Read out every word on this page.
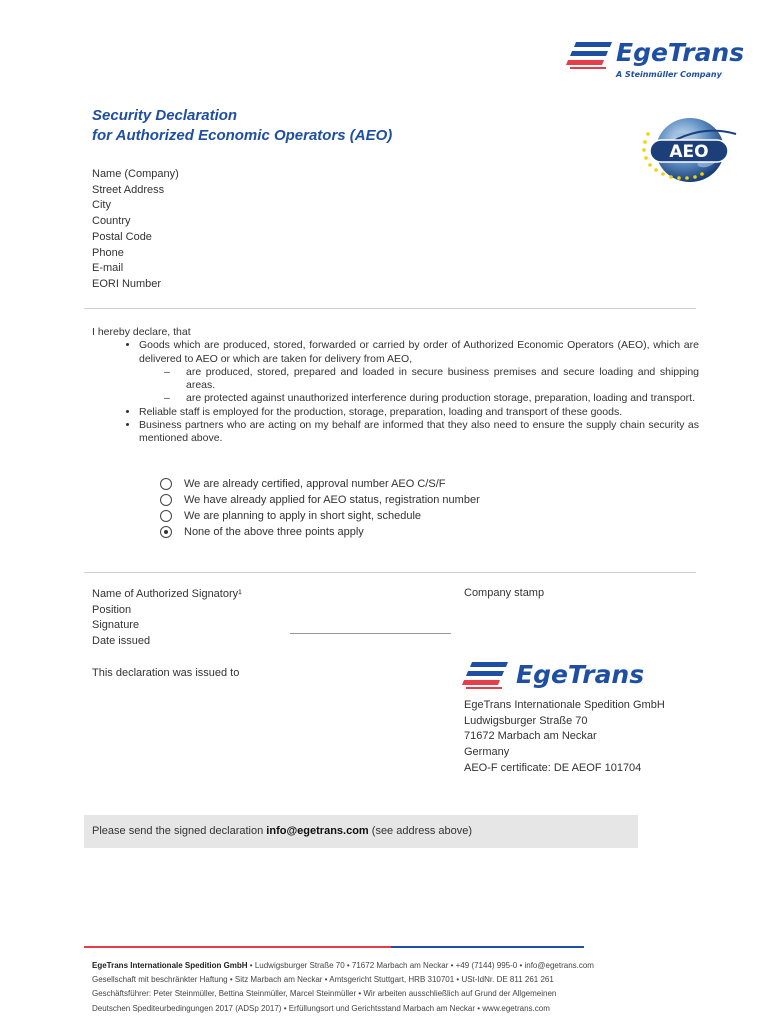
EgeTrans
A Steinmüller Company
Security Declaration
for Authorized Economic Operators (AEO)
AEO
Name (Company)
Street Address
City
Country
Postal Code
Phone
E-mail
EORI Number
I hereby declare, that
• Goods which are produced, stored, forwarded or carried by order of Authorized Economic Operators (AEO), which are delivered to AEO or which are taken for delivery from AEO,
– are produced, stored, prepared and loaded in secure business premises and secure loading and shipping areas.
– are protected against unauthorized interference during production storage, preparation, loading and transport.
• Reliable staff is employed for the production, storage, preparation, loading and transport of these goods.
• Business partners who are acting on my behalf are informed that they also need to ensure the supply chain security as mentioned above.
We are already certified, approval number AEO C/S/F
We have already applied for AEO status, registration number
We are planning to apply in short sight, schedule
None of the above three points apply
Name of Authorized Signatory¹
Position
Signature
Date issued
Company stamp
This declaration was issued to	EgeTrans
EgeTrans Internationale Spedition GmbH
Ludwigsburger Straße 70
71672 Marbach am Neckar
Germany
AEO-F certificate: DE AEOF 101704
Please send the signed declaration info@egetrans.com (see address above)
EgeTrans Internationale Spedition GmbH • Ludwigsburger Straße 70 • 71672 Marbach am Neckar • +49 (7144) 995-0 • info@egetrans.com
Gesellschaft mit beschränkter Haftung • Sitz Marbach am Neckar • Amtsgericht Stuttgart, HRB 310701 • USt-IdNr. DE 811 261 261
Geschäftsführer: Peter Steinmüller, Bettina Steinmüller, Marcel Steinmüller • Wir arbeiten ausschließlich auf Grund der Allgemeinen
Deutschen Spediteurbedingungen 2017 (ADSp 2017) • Erfüllungsort und Gerichtsstand Marbach am Neckar • www.egetrans.com
